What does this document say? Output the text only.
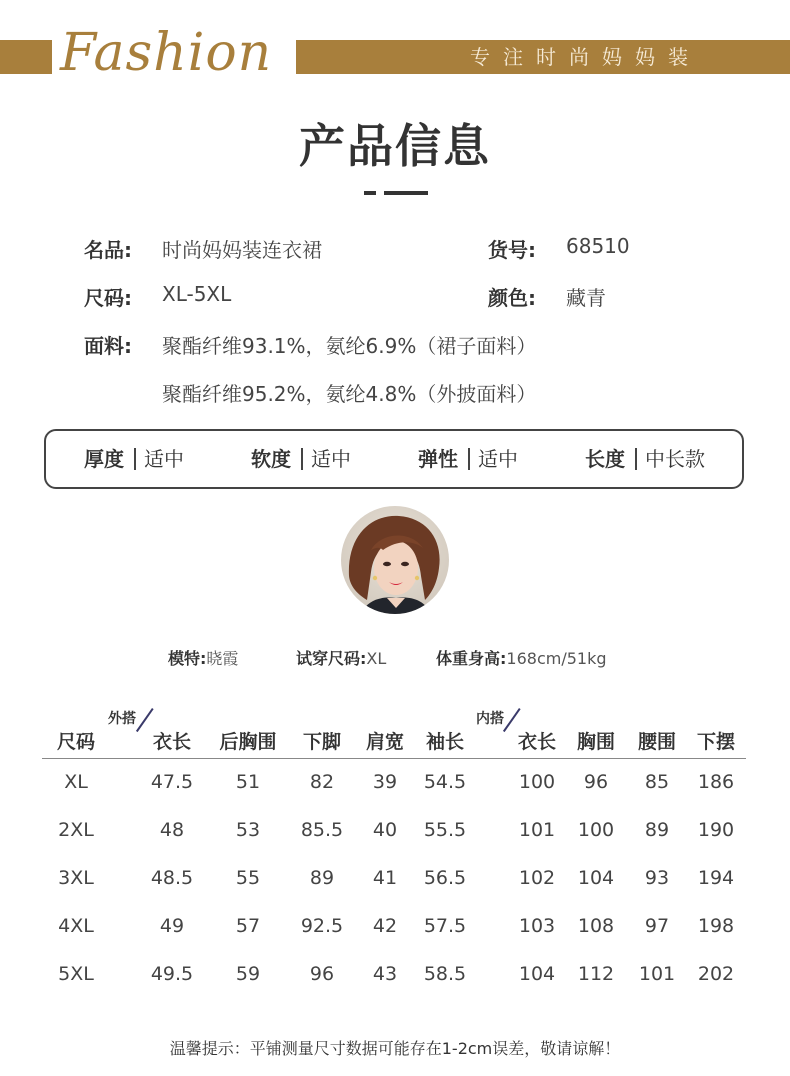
Fashion	专注时尚妈妈装
产品信息
名品: 时尚妈妈装连衣裙	货号: 68510
尺码: XL-5XL	颜色: 藏青
面料: 聚酯纤维93.1%，氨纶6.9%（裙子面料）
聚酯纤维95.2%，氨纶4.8%（外披面料）
厚度 适中	软度 适中	弹性 适中	长度 中长款
模特:晓霞	试穿尺码:XL	体重身高:168cm/51kg
外搭	内搭
尺码	衣长	后胸围	下脚	肩宽	袖长	衣长	胸围	腰围	下摆
XL	47.5	51	82	39	54.5	100	96	85	186
2XL	48	53	85.5	40	55.5	101	100	89	190
3XL	48.5	55	89	41	56.5	102	104	93	194
4XL	49	57	92.5	42	57.5	103	108	97	198
5XL	49.5	59	96	43	58.5	104	112	101	202
温馨提示：平铺测量尺寸数据可能存在1-2cm误差，敬请谅解！
